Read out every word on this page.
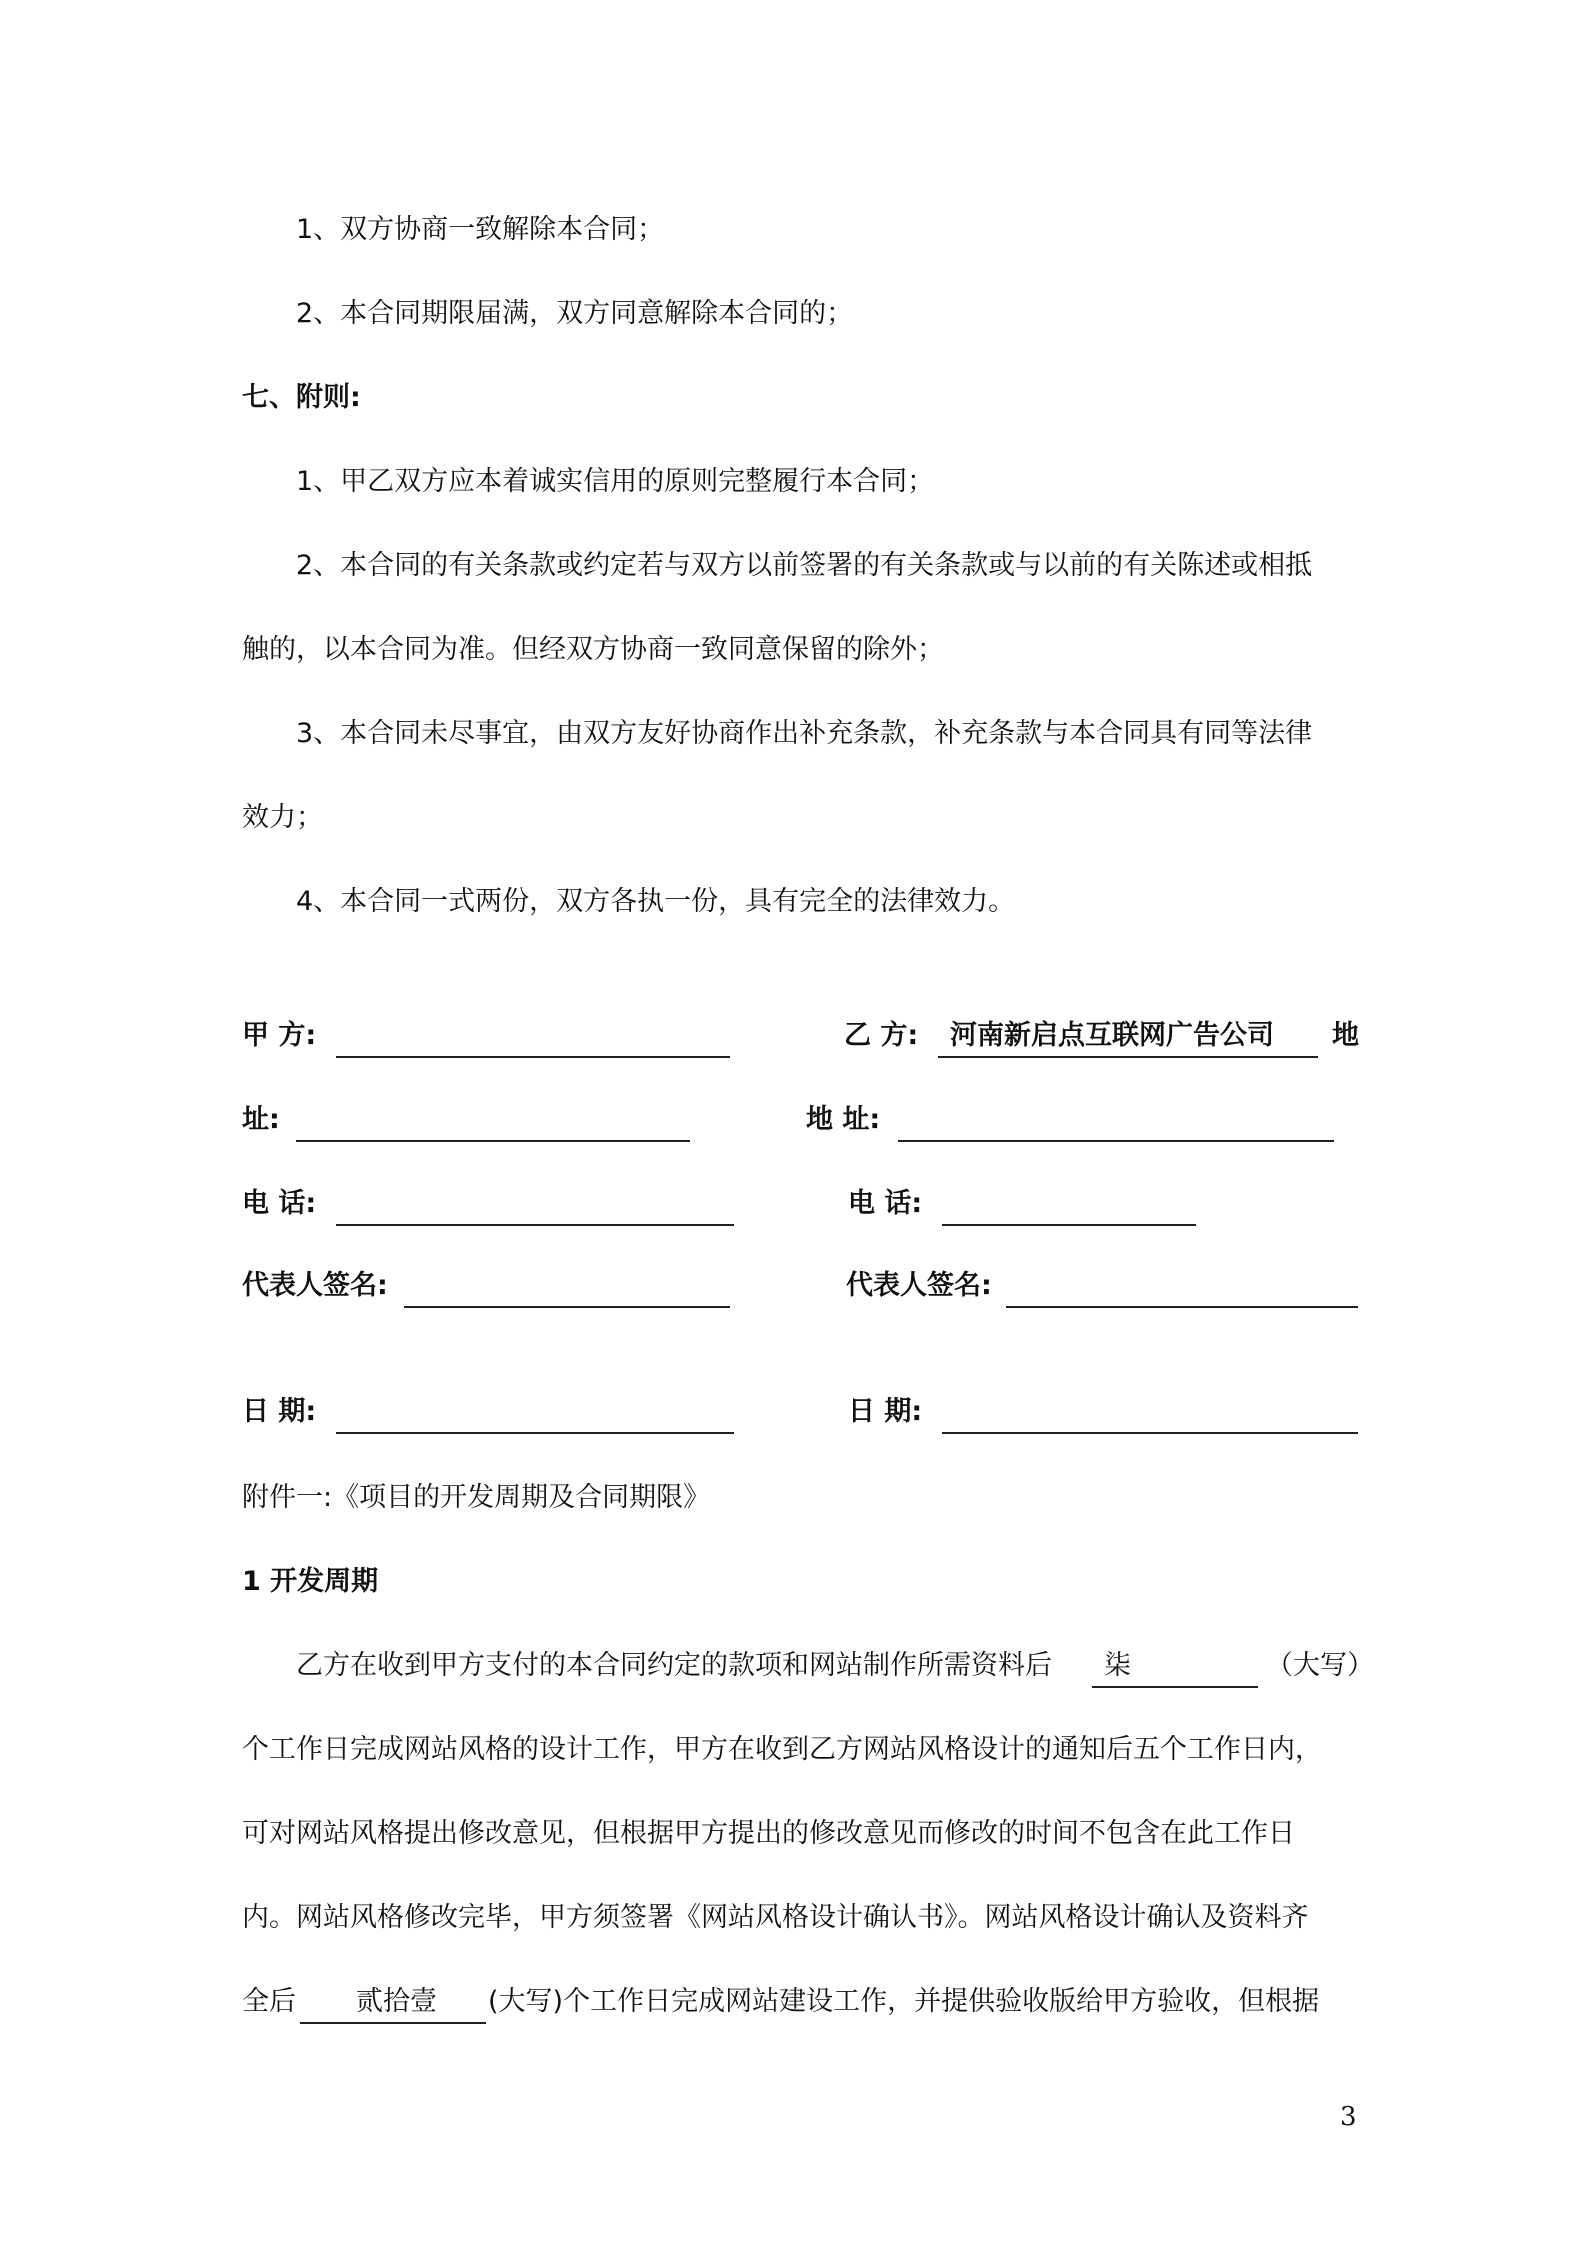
1、双方协商一致解除本合同；
2、本合同期限届满，双方同意解除本合同的；
七、附则:
1、甲乙双方应本着诚实信用的原则完整履行本合同；
2、本合同的有关条款或约定若与双方以前签署的有关条款或与以前的有关陈述或相抵
触的，以本合同为准。但经双方协商一致同意保留的除外；
3、本合同未尽事宜，由双方友好协商作出补充条款，补充条款与本合同具有同等法律
效力；
4、本合同一式两份，双方各执一份，具有完全的法律效力。
甲 方:
址:
电 话:
代表人签名:
日 期:
乙 方: 河南新启点互联网广告公司 地
地 址:
电 话:
代表人签名:
日 期:
附件一:《项目的开发周期及合同期限》
1 开发周期
乙方在收到甲方支付的本合同约定的款项和网站制作所需资料后 柒	（大写）
个工作日完成网站风格的设计工作，甲方在收到乙方网站风格设计的通知后五个工作日内，
可对网站风格提出修改意见，但根据甲方提出的修改意见而修改的时间不包含在此工作日
内。网站风格修改完毕，甲方须签署《网站风格设计确认书》。网站风格设计确认及资料齐
全后 贰拾壹 (大写)个工作日完成网站建设工作，并提供验收版给甲方验收，但根据
3
